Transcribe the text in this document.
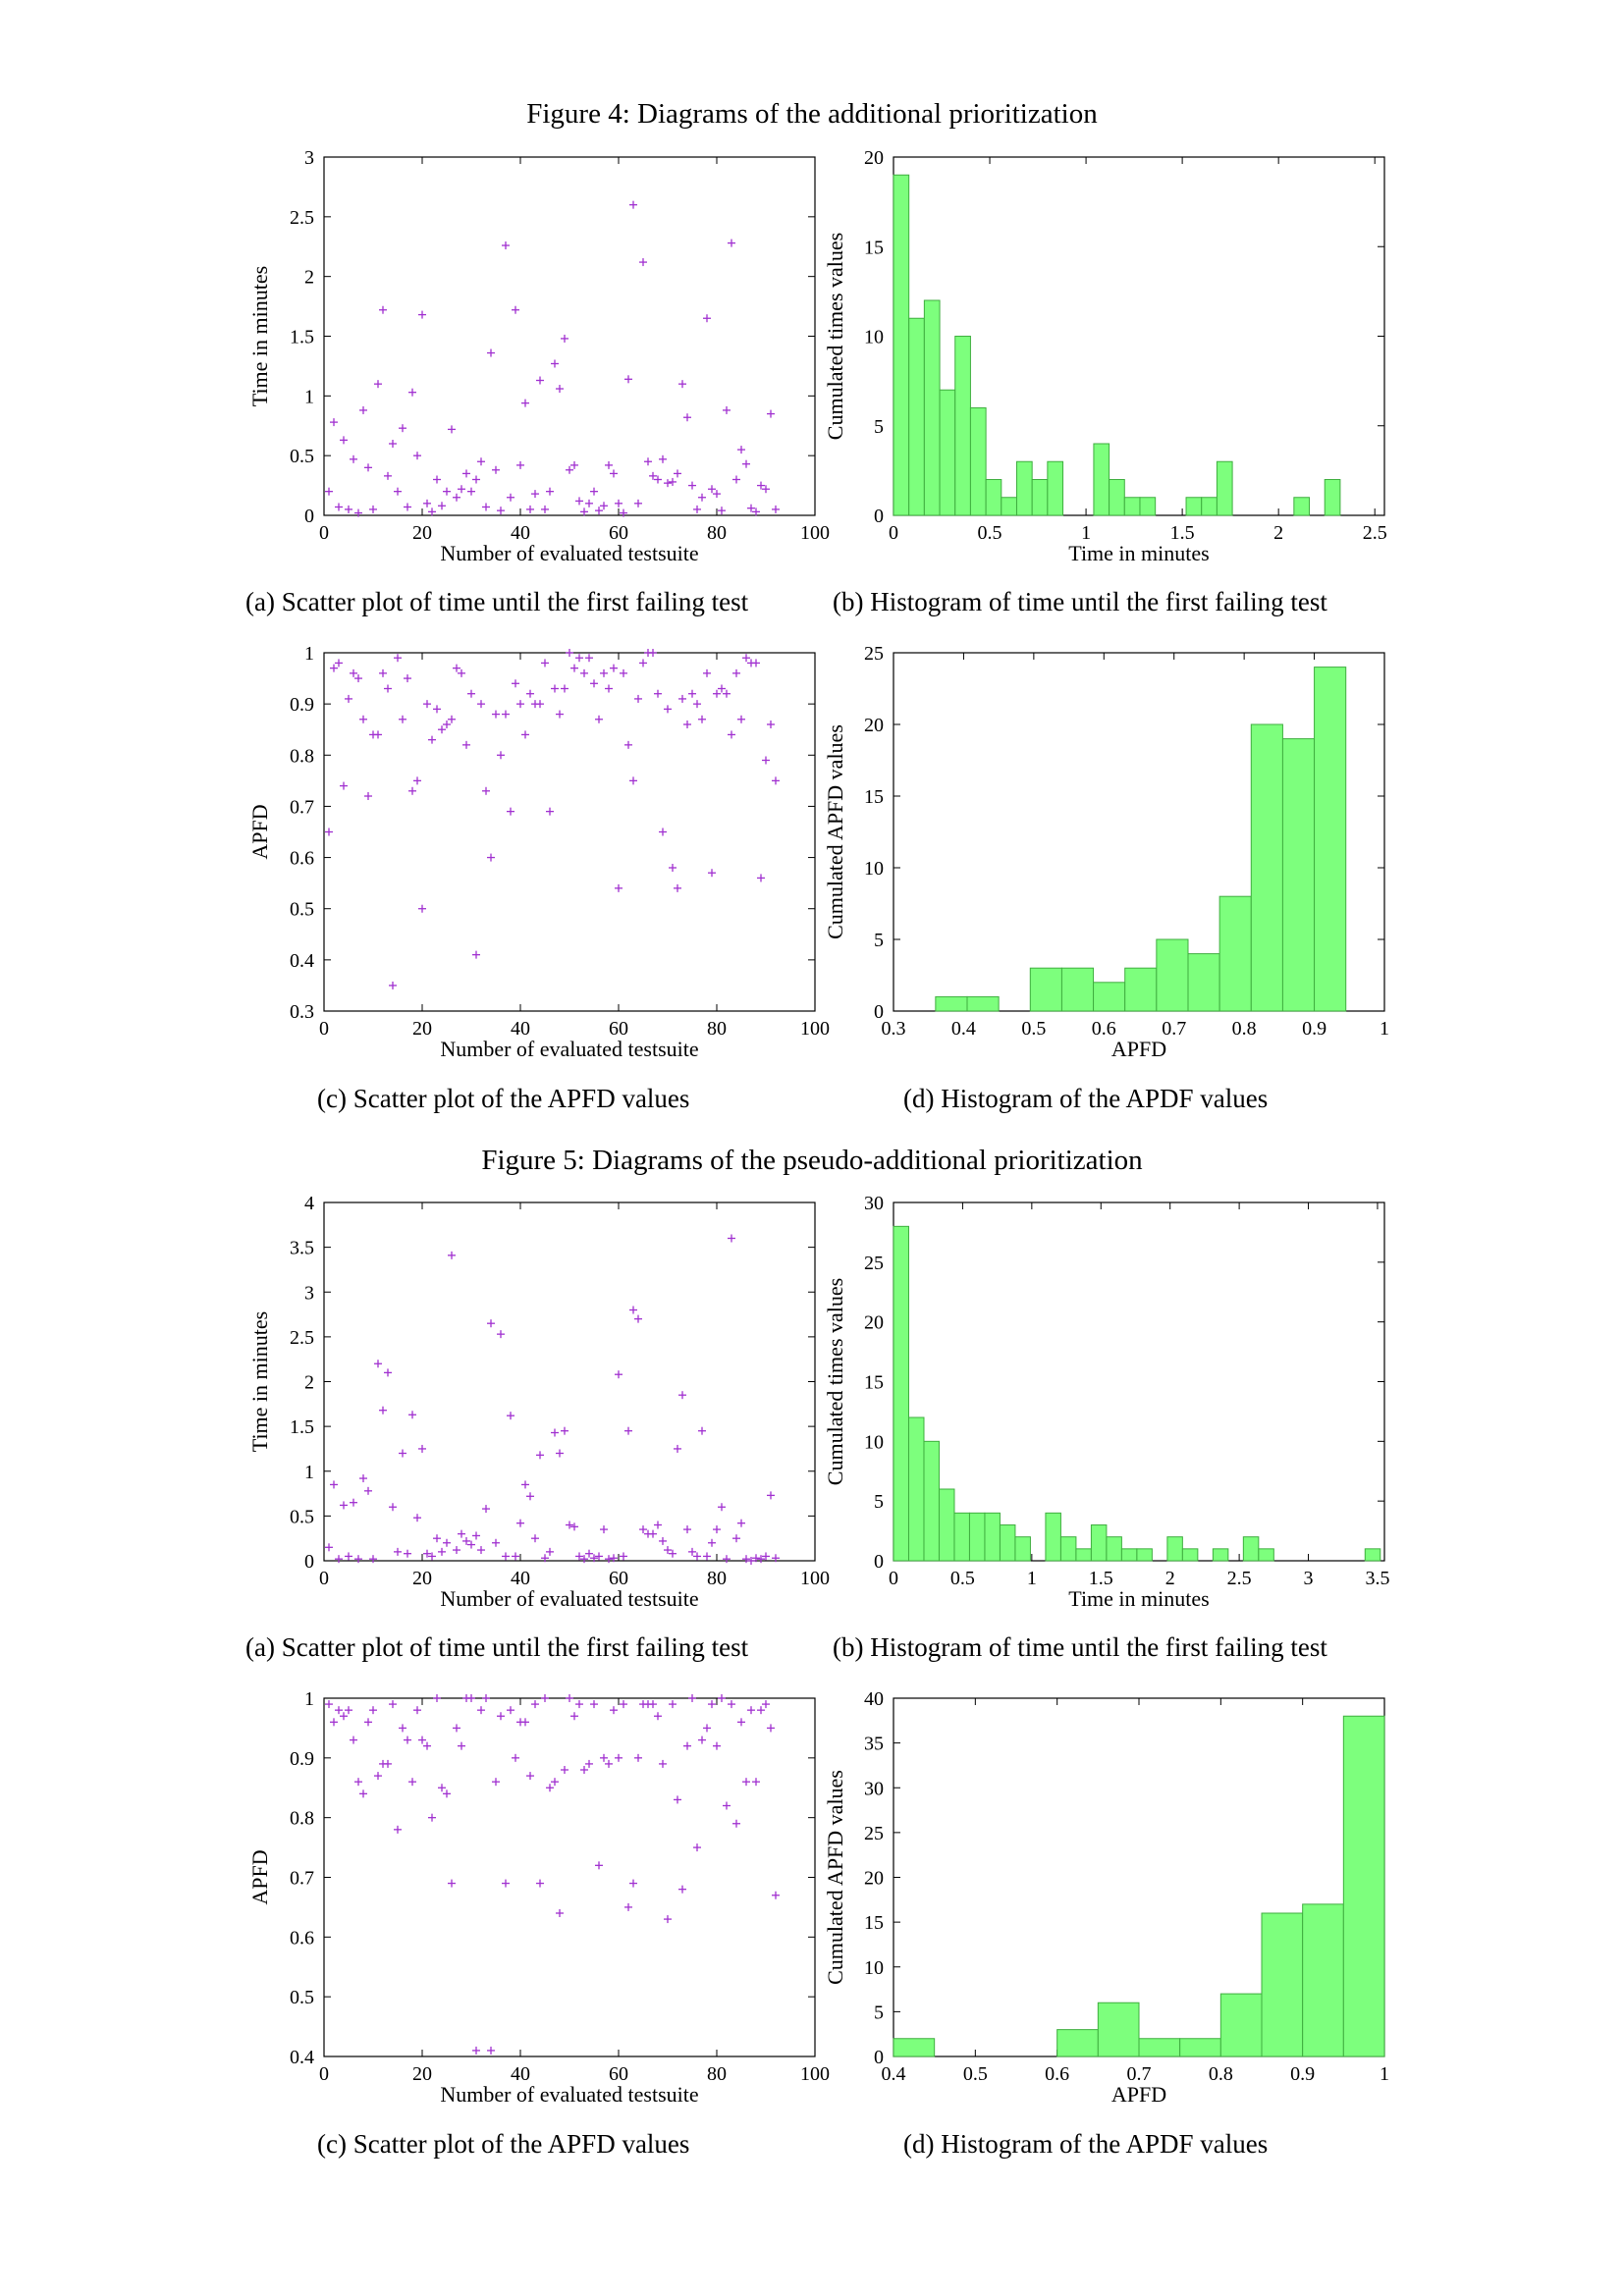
Figure 4: Diagrams of the additional prioritization
0
0.5
1
1.5
2
2.5
3
0	20	40	60	80	100
Number of evaluated testsuite
Time in minutes
0
5
10
15
20
0	0.5	1	1.5	2	2.5
Time in minutes
Cumulated times values
(a) Scatter plot of time until the first failing test	(b) Histogram of time until the first failing test
0.3
0.4
0.5
0.6
0.7
0.8
0.9
1
0	20	40	60	80	100
Number of evaluated testsuite
APFD
0
5
10
15
20
25
0.3 0.4 0.5 0.6 0.7 0.8 0.9	1
APFD
Cumulated APFD values
(c) Scatter plot of the APFD values	(d) Histogram of the APDF values
Figure 5: Diagrams of the pseudo-additional prioritization
0
0.5
1
1.5
2
2.5
3
3.5
4
0	20	40	60	80	100
Number of evaluated testsuite
Time in minutes
0
5
10
15
20
25
30
0	0.5	1	1.5	2	2.5	3	3.5
Time in minutes
Cumulated times values
(a) Scatter plot of time until the first failing test	(b) Histogram of time until the first failing test
0.4
0.5
0.6
0.7
0.8
0.9
1
0	20	40	60	80	100
Number of evaluated testsuite
APFD
0
5
10
15
20
25
30
35
40
0.4	0.5	0.6	0.7	0.8	0.9	1
APFD
Cumulated APFD values
(c) Scatter plot of the APFD values	(d) Histogram of the APDF values
